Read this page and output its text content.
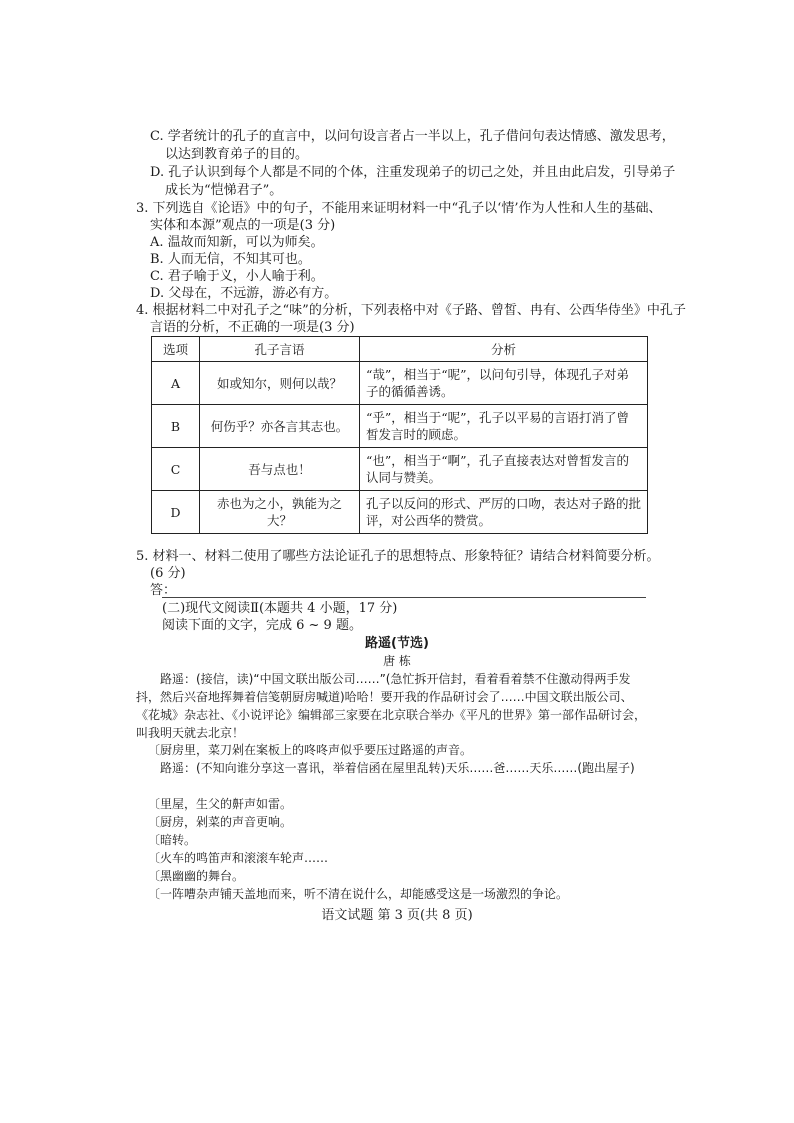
C. 学者统计的孔子的直言中，以问句设言者占一半以上，孔子借问句表达情感、激发思考，
以达到教育弟子的目的。
D. 孔子认识到每个人都是不同的个体，注重发现弟子的切己之处，并且由此启发，引导弟子
成长为“恺悌君子”。
3. 下列选自《论语》中的句子，不能用来证明材料一中“孔子以‘情’作为人性和人生的基础、
实体和本源”观点的一项是(3 分)
A. 温故而知新，可以为师矣。
B. 人而无信，不知其可也。
C. 君子喻于义，小人喻于利。
D. 父母在，不远游，游必有方。
4. 根据材料二中对孔子之“味”的分析，下列表格中对《子路、曾皙、冉有、公西华侍坐》中孔子
言语的分析，不正确的一项是(3 分)
选项	孔子言语	分析
A	如或知尔，则何以哉？	“哉”，相当于“呢”，以问句引导，体现孔子对弟子的循循善诱。
B	何伤乎？亦各言其志也。	“乎”，相当于“呢”，孔子以平易的言语打消了曾皙发言时的顾虑。
C	吾与点也！	“也”，相当于“啊”，孔子直接表达对曾皙发言的认同与赞美。
D	赤也为之小，孰能为之大？	孔子以反问的形式、严厉的口吻，表达对子路的批评，对公西华的赞赏。
5. 材料一、材料二使用了哪些方法论证孔子的思想特点、形象特征？请结合材料简要分析。
(6 分)
答：
(二)现代文阅读Ⅱ(本题共 4 小题，17 分)
阅读下面的文字，完成 6 ~ 9 题。
路遥(节选)
唐 栋
路遥：(接信，读)“中国文联出版公司……”(急忙拆开信封，看着看着禁不住激动得两手发抖，然后兴奋地挥舞着信笺朝厨房喊道)哈哈！要开我的作品研讨会了……中国文联出版公司、《花城》杂志社、《小说评论》编辑部三家要在北京联合举办《平凡的世界》第一部作品研讨会，叫我明天就去北京！
〔厨房里，菜刀剁在案板上的咚咚声似乎要压过路遥的声音。
路遥：(不知向谁分享这一喜讯，举着信函在屋里乱转)天乐……爸……天乐……(跑出屋子)
〔里屋，生父的鼾声如雷。
〔厨房，剁菜的声音更响。
〔暗转。
〔火车的鸣笛声和滚滚车轮声……
〔黑幽幽的舞台。
〔一阵嘈杂声铺天盖地而来，听不清在说什么，却能感受这是一场激烈的争论。
语文试题 第 3 页(共 8 页)
